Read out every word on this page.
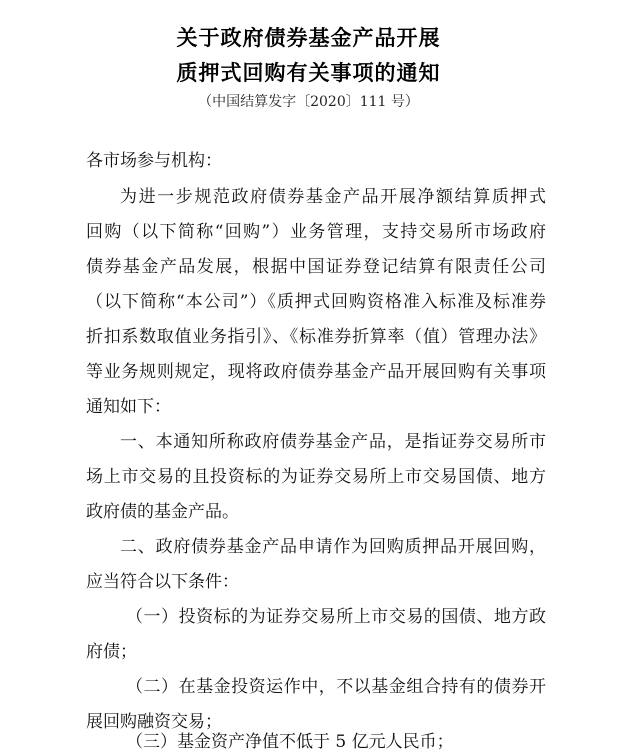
关于政府债券基金产品开展
质押式回购有关事项的通知
（中国结算发字〔2020〕111 号）
各市场参与机构：
为进一步规范政府债券基金产品开展净额结算质押式
回购（以下简称“回购”）业务管理，支持交易所市场政府
债券基金产品发展，根据中国证券登记结算有限责任公司
（以下简称“本公司”）《质押式回购资格准入标准及标准券
折扣系数取值业务指引》、《标准券折算率（值）管理办法》
等业务规则规定，现将政府债券基金产品开展回购有关事项
通知如下：
一、本通知所称政府债券基金产品，是指证券交易所市
场上市交易的且投资标的为证券交易所上市交易国债、地方
政府债的基金产品。
二、政府债券基金产品申请作为回购质押品开展回购，
应当符合以下条件：
（一）投资标的为证券交易所上市交易的国债、地方政
府债；
（二）在基金投资运作中，不以基金组合持有的债券开
展回购融资交易；
（三）基金资产净值不低于 5 亿元人民币；
